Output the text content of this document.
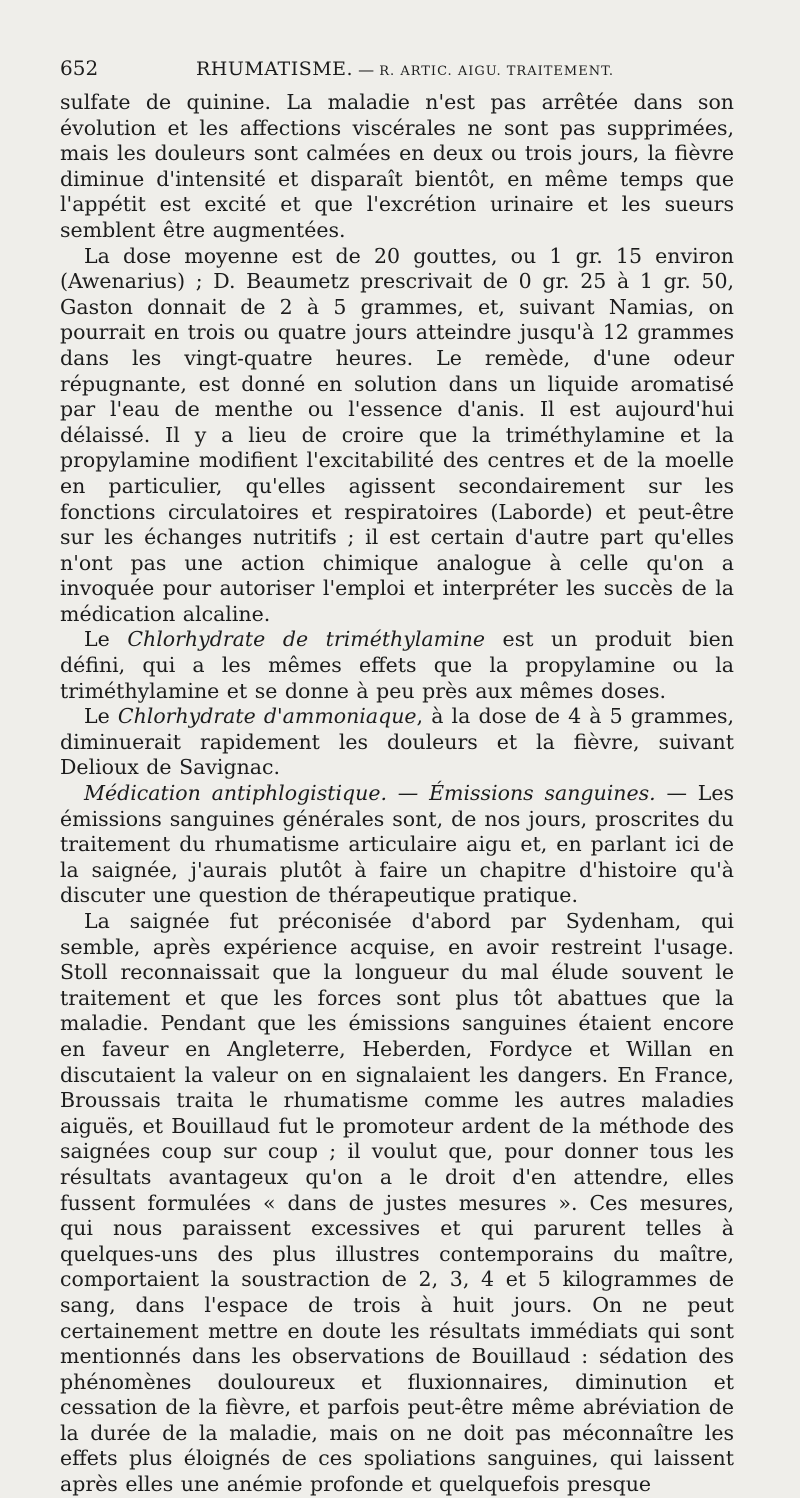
652	RHUMATISME. — R. ARTIC. AIGU. TRAITEMENT.

sulfate de quinine. La maladie n'est pas arrêtée dans son évolution et les affections viscérales ne sont pas supprimées, mais les douleurs sont calmées en deux ou trois jours, la fièvre diminue d'intensité et disparaît bientôt, en même temps que l'appétit est excité et que l'excrétion urinaire et les sueurs semblent être augmentées.

La dose moyenne est de 20 gouttes, ou 1 gr. 15 environ (Awenarius) ; D. Beaumetz prescrivait de 0 gr. 25 à 1 gr. 50, Gaston donnait de 2 à 5 grammes, et, suivant Namias, on pourrait en trois ou quatre jours atteindre jusqu'à 12 grammes dans les vingt-quatre heures. Le remède, d'une odeur répugnante, est donné en solution dans un liquide aromatisé par l'eau de menthe ou l'essence d'anis. Il est aujourd'hui délaissé. Il y a lieu de croire que la triméthylamine et la propylamine modifient l'excitabilité des centres et de la moelle en particulier, qu'elles agissent secondairement sur les fonctions circulatoires et respiratoires (Laborde) et peut-être sur les échanges nutritifs ; il est certain d'autre part qu'elles n'ont pas une action chimique analogue à celle qu'on a invoquée pour autoriser l'emploi et interpréter les succès de la médication alcaline.

Le Chlorhydrate de triméthylamine est un produit bien défini, qui a les mêmes effets que la propylamine ou la triméthylamine et se donne à peu près aux mêmes doses.

Le Chlorhydrate d'ammoniaque, à la dose de 4 à 5 grammes, diminuerait rapidement les douleurs et la fièvre, suivant Delioux de Savignac.

Médication antiphlogistique. — Émissions sanguines. — Les émissions sanguines générales sont, de nos jours, proscrites du traitement du rhumatisme articulaire aigu et, en parlant ici de la saignée, j'aurais plutôt à faire un chapitre d'histoire qu'à discuter une question de thérapeutique pratique.

La saignée fut préconisée d'abord par Sydenham, qui semble, après expérience acquise, en avoir restreint l'usage. Stoll reconnaissait que la longueur du mal élude souvent le traitement et que les forces sont plus tôt abattues que la maladie. Pendant que les émissions sanguines étaient encore en faveur en Angleterre, Heberden, Fordyce et Willan en discutaient la valeur on en signalaient les dangers. En France, Broussais traita le rhumatisme comme les autres maladies aiguës, et Bouillaud fut le promoteur ardent de la méthode des saignées coup sur coup ; il voulut que, pour donner tous les résultats avantageux qu'on a le droit d'en attendre, elles fussent formulées « dans de justes mesures ». Ces mesures, qui nous paraissent excessives et qui parurent telles à quelques-uns des plus illustres contemporains du maître, comportaient la soustraction de 2, 3, 4 et 5 kilogrammes de sang, dans l'espace de trois à huit jours. On ne peut certainement mettre en doute les résultats immédiats qui sont mentionnés dans les observations de Bouillaud : sédation des phénomènes douloureux et fluxionnaires, diminution et cessation de la fièvre, et parfois peut-être même abréviation de la durée de la maladie, mais on ne doit pas méconnaître les effets plus éloignés de ces spoliations sanguines, qui laissent après elles une anémie profonde et quelquefois presque
